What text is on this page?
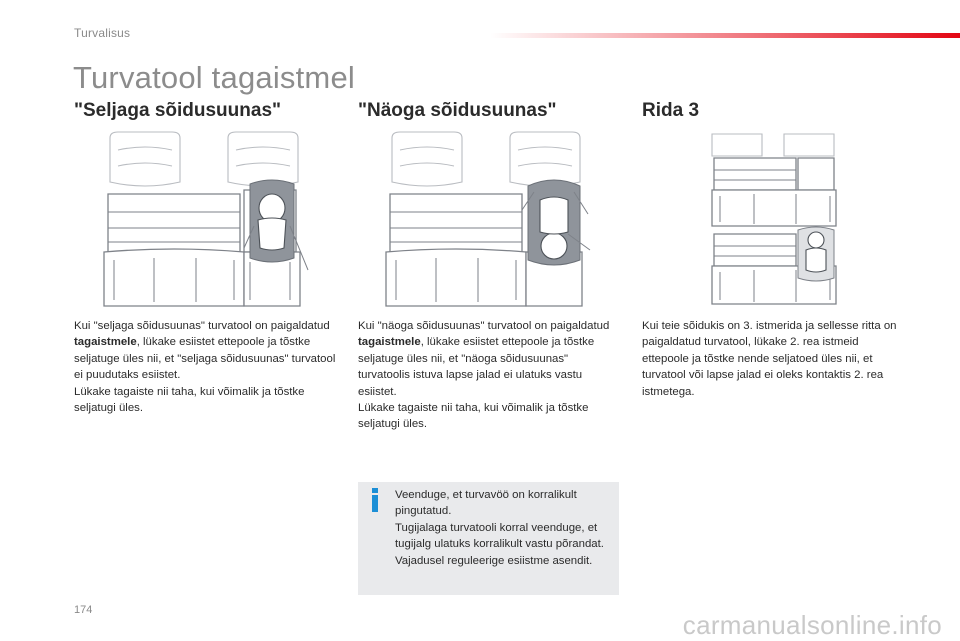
Turvalisus
Turvatool tagaistmel
"Seljaga sõidusuunas"	"Näoga sõidusuunas"	Rida 3

Kui "seljaga sõidusuunas" turvatool on paigaldatud tagaistmele, lükake esiistet ettepoole ja tõstke seljatuge üles nii, et "seljaga sõidusuunas" turvatool ei puudutaks esiistet.

Lükake tagaiste nii taha, kui võimalik ja tõstke seljatugi üles.

Kui "näoga sõidusuunas" turvatool on paigaldatud tagaistmele, lükake esiistet ettepoole ja tõstke seljatuge üles nii, et "näoga sõidusuunas" turvatoolis istuva lapse jalad ei ulatuks vastu esiistet.

Lükake tagaiste nii taha, kui võimalik ja tõstke seljatugi üles.

Kui teie sõidukis on 3. istmerida ja sellesse ritta on paigaldatud turvatool, lükake 2. rea istmeid ettepoole ja tõstke nende seljatoed üles nii, et turvatool või lapse jalad ei oleks kontaktis 2. rea istmetega.

Veenduge, et turvavöö on korralikult pingutatud.

Tugijalaga turvatooli korral veenduge, et tugijalg ulatuks korralikult vastu põrandat. Vajadusel reguleerige esiistme asendit.

174	carmanualsonline.info
